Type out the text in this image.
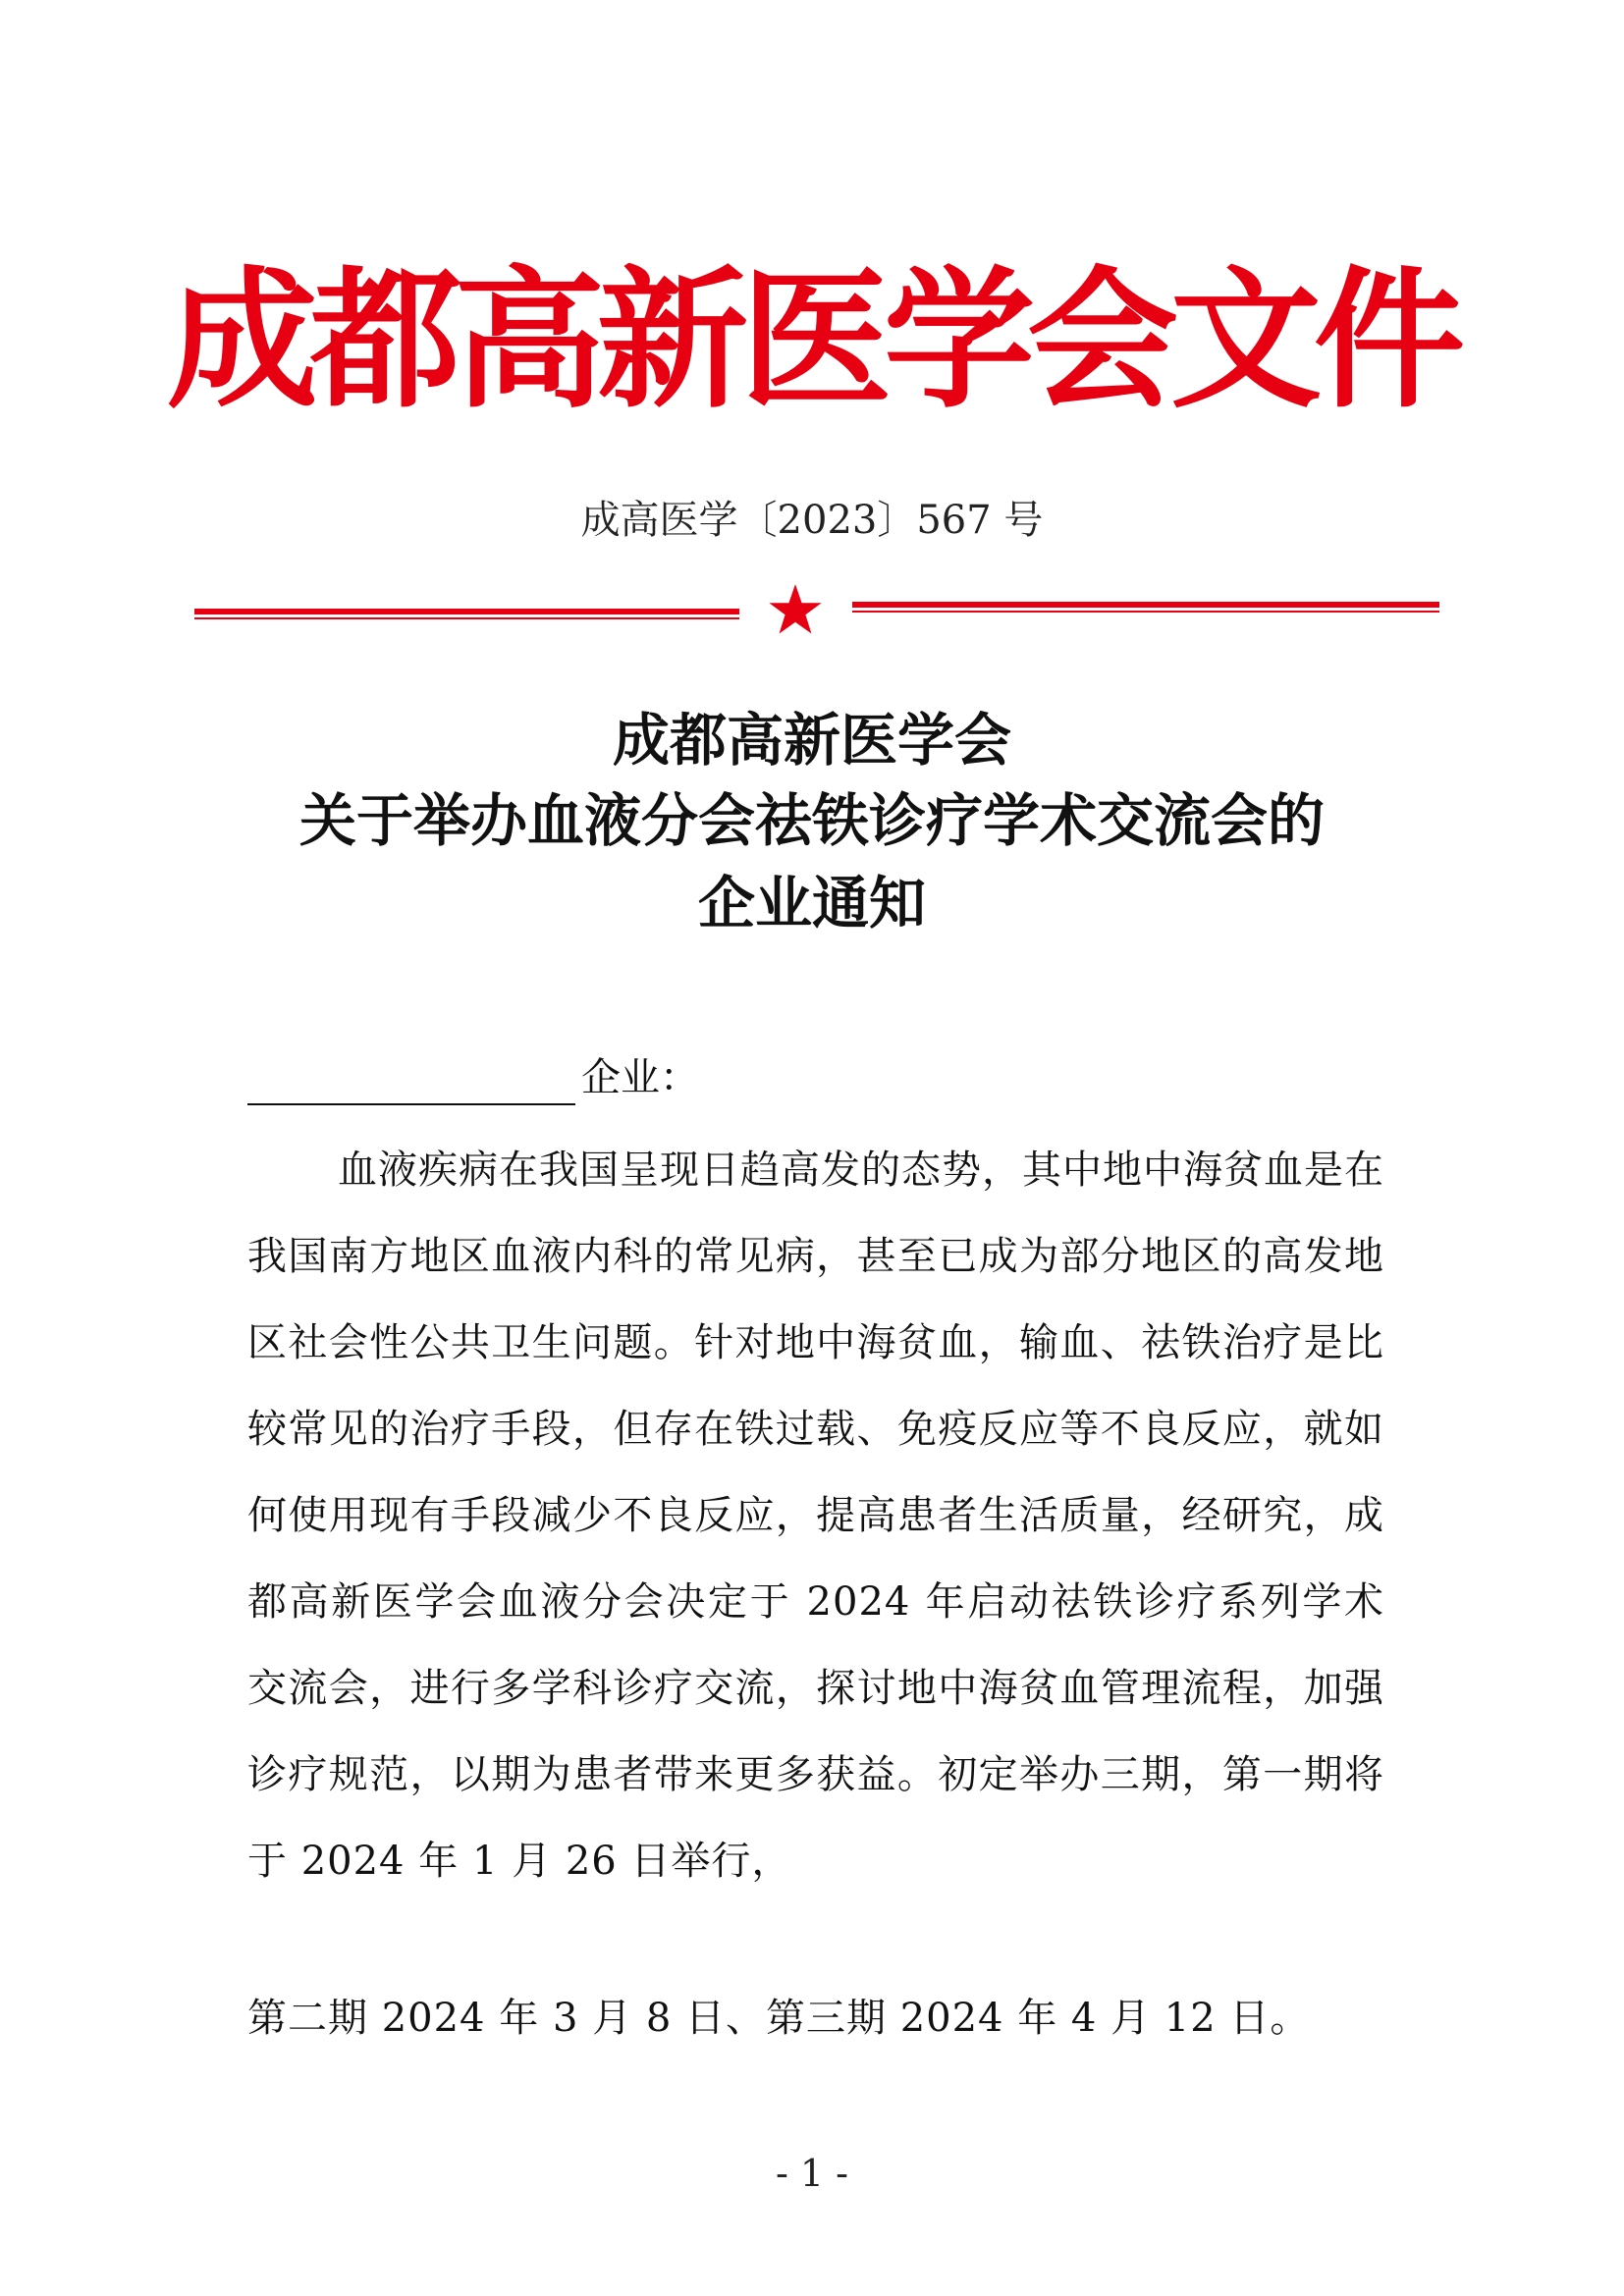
成都高新医学会文件
成高医学〔2023〕567 号
成都高新医学会
关于举办血液分会祛铁诊疗学术交流会的
企业通知
企业：
血液疾病在我国呈现日趋高发的态势，其中地中海贫血是在我国南方地区血液内科的常见病，甚至已成为部分地区的高发地区社会性公共卫生问题。针对地中海贫血，输血、祛铁治疗是比较常见的治疗手段，但存在铁过载、免疫反应等不良反应，就如何使用现有手段减少不良反应，提高患者生活质量，经研究，成都高新医学会血液分会决定于 2024 年启动祛铁诊疗系列学术交流会，进行多学科诊疗交流，探讨地中海贫血管理流程，加强诊疗规范，以期为患者带来更多获益。初定举办三期，第一期将于 2024 年 1 月 26 日举行，
第二期 2024 年 3 月 8 日、第三期 2024 年 4 月 12 日。
- 1 -
